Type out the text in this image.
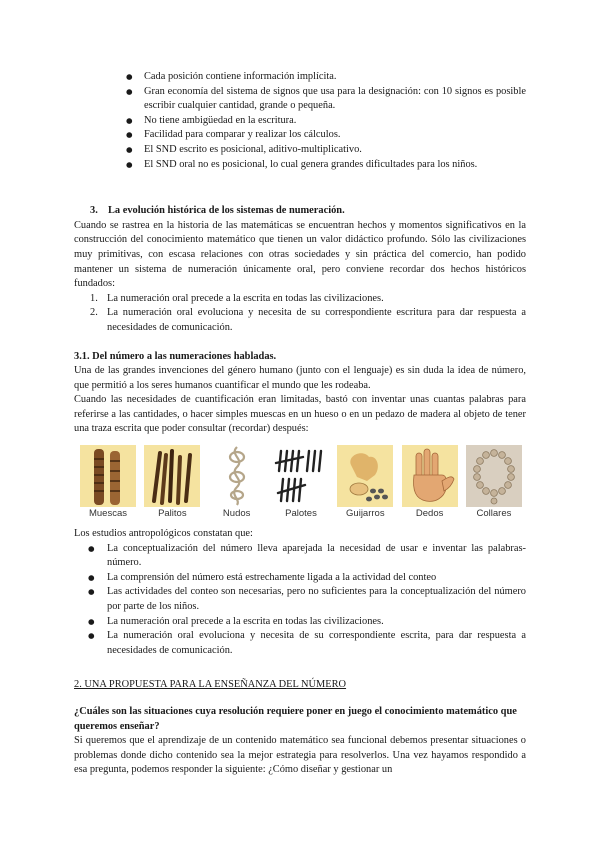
● Cada posición contiene información implícita.
● Gran economía del sistema de signos que usa para la designación: con 10 signos es posible escribir cualquier cantidad, grande o pequeña.
● No tiene ambigüedad en la escritura.
● Facilidad para comparar y realizar los cálculos.
● El SND escrito es posicional, aditivo-multiplicativo.
● El SND oral no es posicional, lo cual genera grandes dificultades para los niños.
3. La evolución histórica de los sistemas de numeración.

Cuando se rastrea en la historia de las matemáticas se encuentran hechos y momentos significativos en la construcción del conocimiento matemático que tienen un valor didáctico profundo. Sólo las civilizaciones muy primitivas, con escasa relaciones con otras sociedades y sin práctica del comercio, han podido mantener un sistema de numeración únicamente oral, pero conviene recordar dos hechos históricos fundados:

1. La numeración oral precede a la escrita en todas las civilizaciones.
2. La numeración oral evoluciona y necesita de su correspondiente escritura para dar respuesta a necesidades de comunicación.
3.1. Del número a las numeraciones habladas.

Una de las grandes invenciones del género humano (junto con el lenguaje) es sin duda la idea de número, que permitió a los seres humanos cuantificar el mundo que les rodeaba.

Cuando las necesidades de cuantificación eran limitadas, bastó con inventar unas cuantas palabras para referirse a las cantidades, o hacer simples muescas en un hueso o en un pedazo de madera al objeto de tener una traza escrita que poder consultar (recordar) después:

Muescas	Palitos	Nudos	Palotes	Guijarros	Dedos	Collares

Los estudios antropológicos constatan que:

● La conceptualización del número lleva aparejada la necesidad de usar e inventar las palabras-número.
● La comprensión del número está estrechamente ligada a la actividad del conteo
● Las actividades del conteo son necesarias, pero no suficientes para la conceptualización del número por parte de los niños.
● La numeración oral precede a la escrita en todas las civilizaciones.
● La numeración oral evoluciona y necesita de su correspondiente escrita, para dar respuesta a necesidades de comunicación.
2. UNA PROPUESTA PARA LA ENSEÑANZA DEL NÚMERO
¿Cuáles son las situaciones cuya resolución requiere poner en juego el conocimiento matemático que queremos enseñar?

Si queremos que el aprendizaje de un contenido matemático sea funcional debemos presentar situaciones o problemas donde dicho contenido sea la mejor estrategia para resolverlos. Una vez hayamos respondido a esa pregunta, podemos responder la siguiente: ¿Cómo diseñar y gestionar un
